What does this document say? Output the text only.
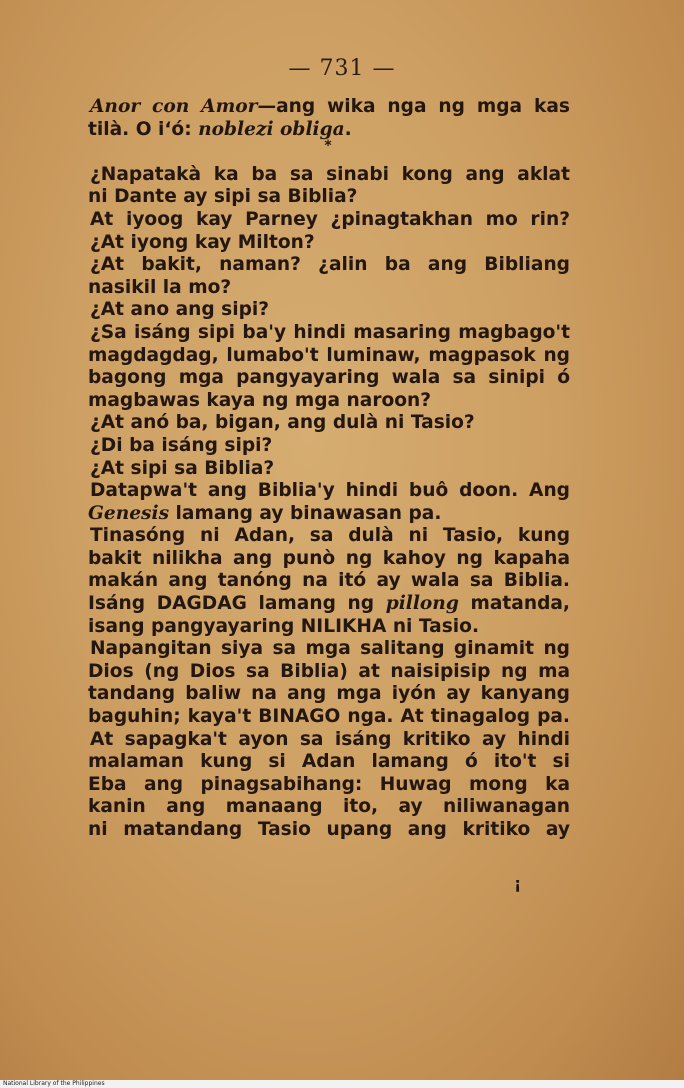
— 731 —
Anor con Amor—ang wika nga ng mga kas
tilà. O i‘ó: noblezi obliga.
*
¿Napatakà ka ba sa sinabi kong ang aklat
ni Dante ay sipi sa Biblia?
At iyoog kay Parney ¿pinagtakhan mo rin?
¿At iyong kay Milton?
¿At bakit, naman? ¿alin ba ang Bibliang
nasikil la mo?
¿At ano ang sipi?
¿Sa isáng sipi ba'y hindi masaring magbago't
magdagdag, lumabo't luminaw, magpasok ng
bagong mga pangyayaring wala sa sinipi ó
magbawas kaya ng mga naroon?
¿At anó ba, bigan, ang dulà ni Tasio?
¿Di ba isáng sipi?
¿At sipi sa Biblia?
Datapwa't ang Biblia'y hindi buô doon. Ang
Genesis lamang ay binawasan pa.
Tinasóng ni Adan, sa dulà ni Tasio, kung
bakit nilikha ang punò ng kahoy ng kapaha
makán ang tanóng na itó ay wala sa Biblia.
Isáng DAGDAG lamang ng pillong matanda,
isang pangyayaring NILIKHA ni Tasio.
Napangitan siya sa mga salitang ginamit ng
Dios (ng Dios sa Biblia) at naisipisip ng ma
tandang baliw na ang mga iyón ay kanyang
baguhin; kaya't BINAGO nga. At tinagalog pa.
At sapagka't ayon sa isáng kritiko ay hindi
malaman kung si Adan lamang ó ito't si
Eba ang pinagsabihang: Huwag mong ka
kanin ang manaang ito, ay niliwanagan
ni matandang Tasio upang ang kritiko ay
¡
National Library of the Philippines
